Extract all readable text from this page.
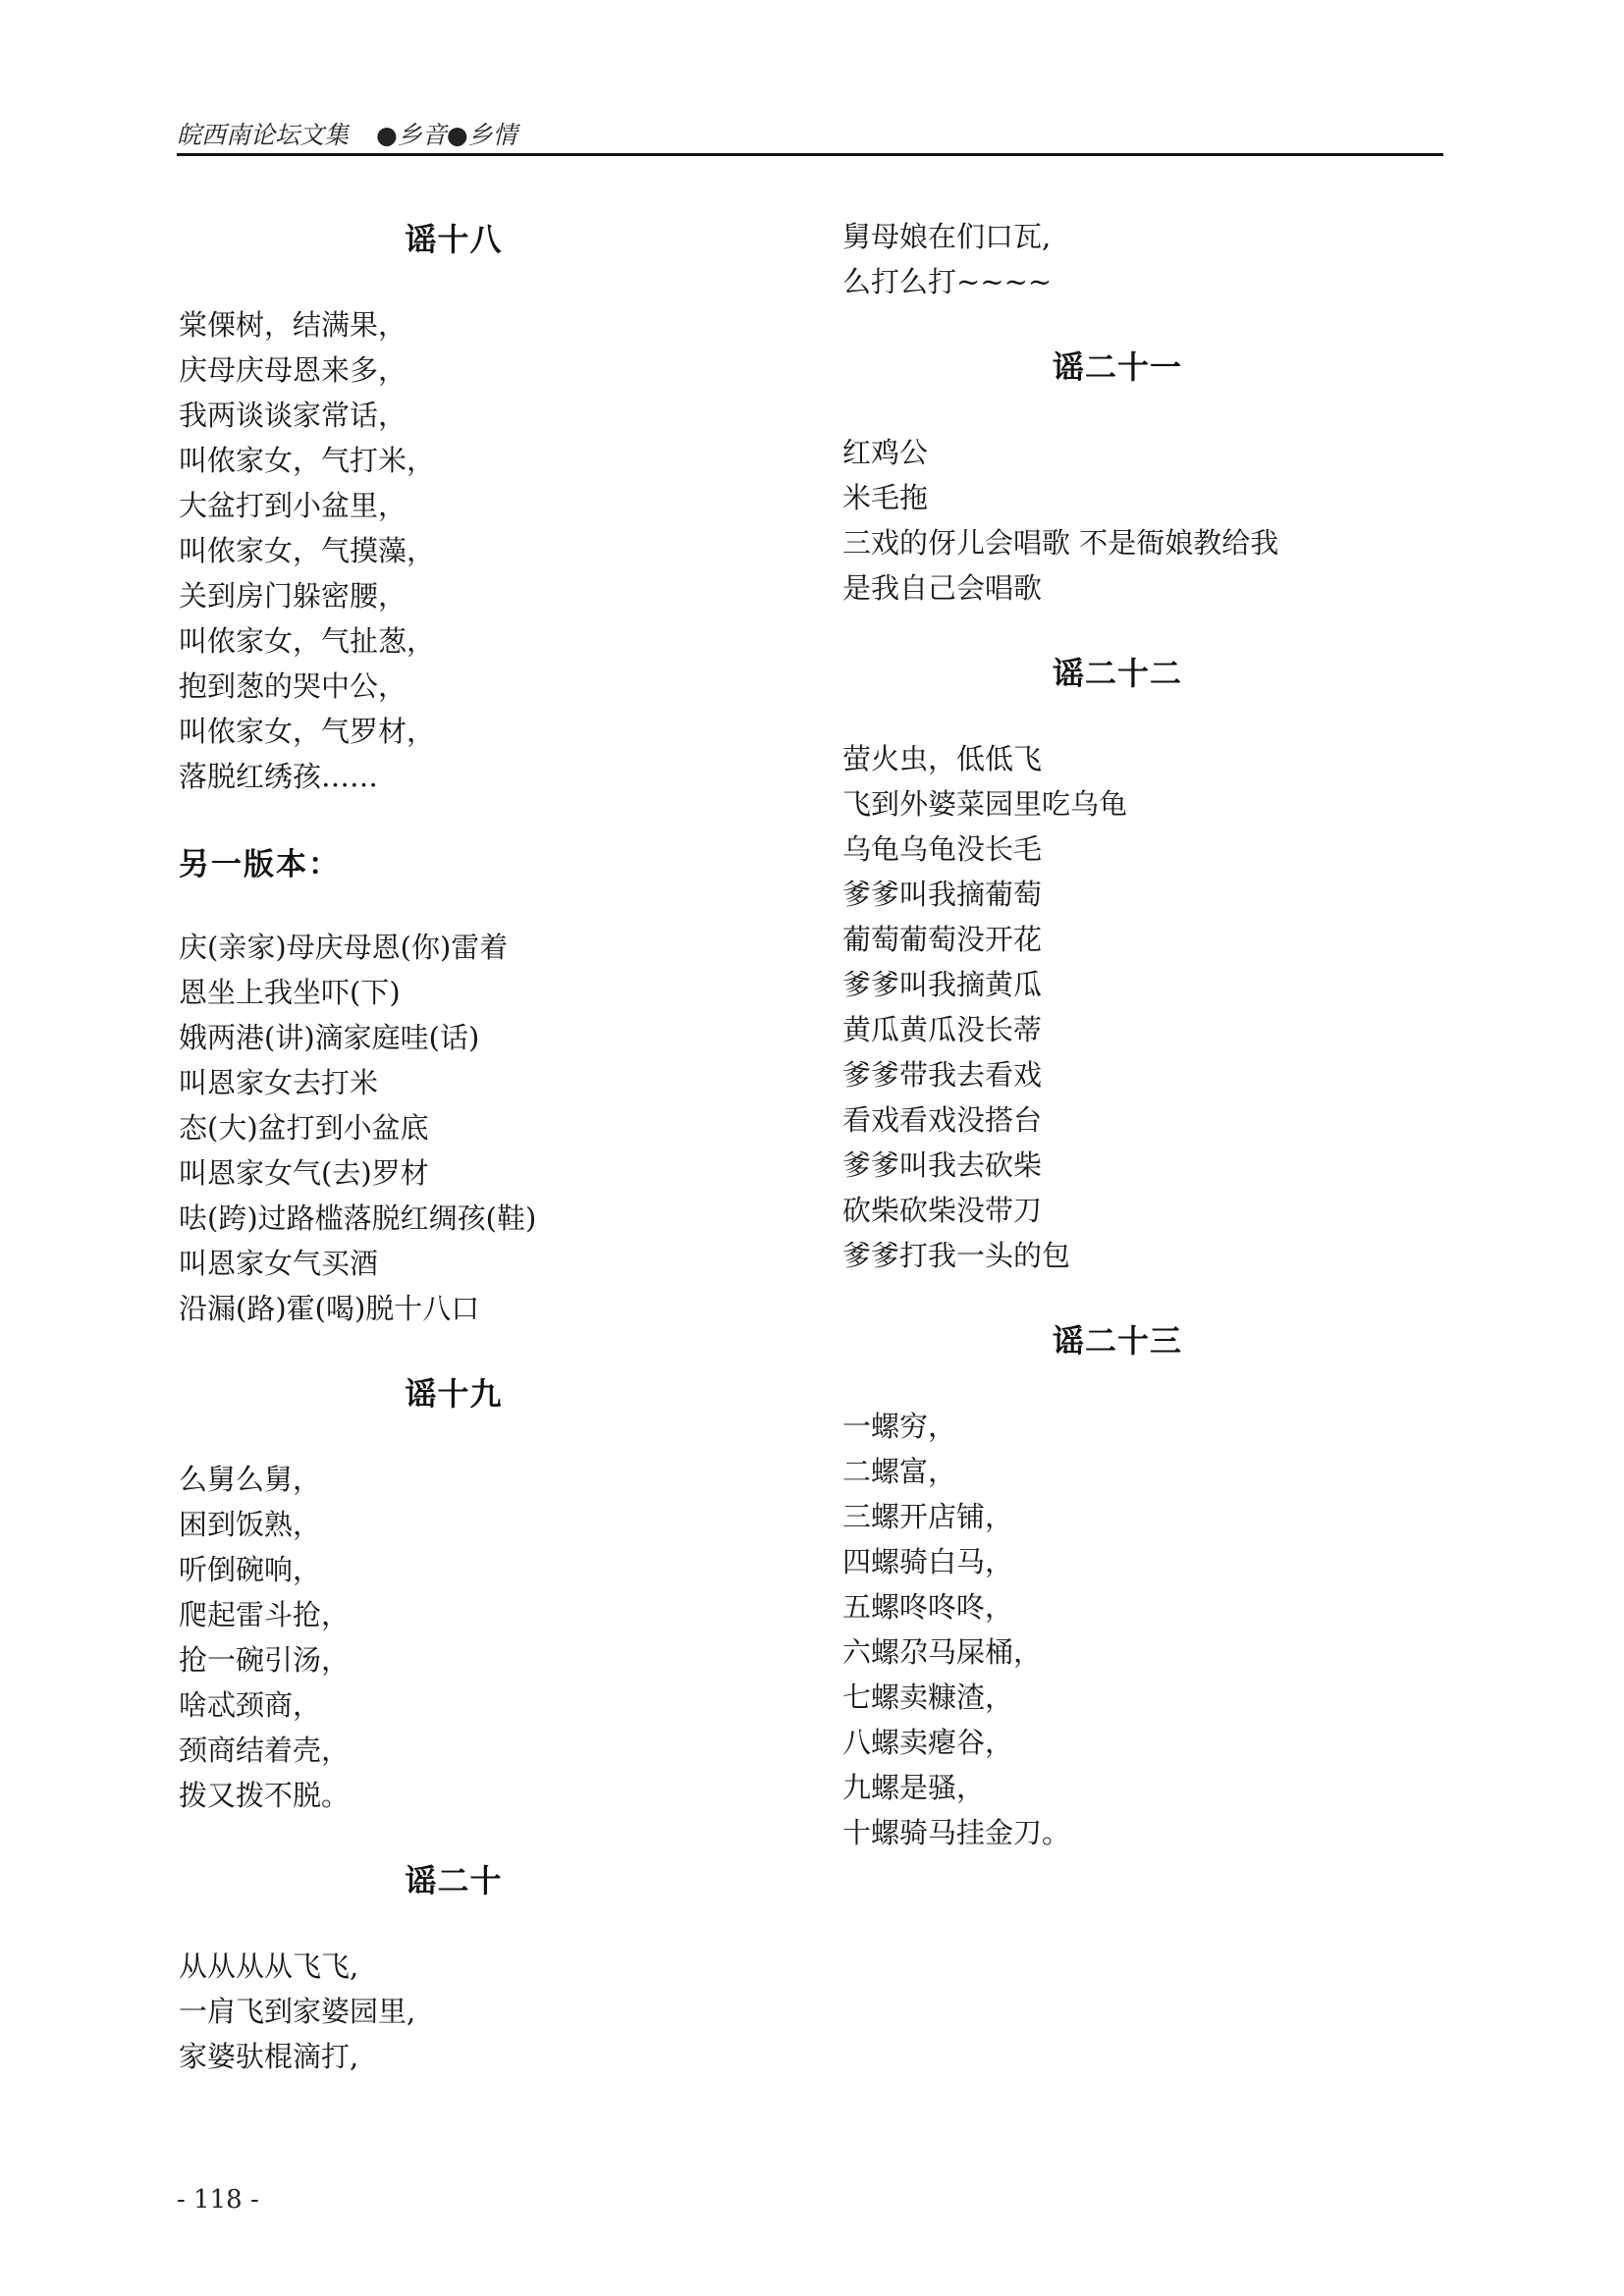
皖西南论坛文集 ●乡音●乡情
谣十八
棠傈树，结满果，
庆母庆母恩来多，
我两谈谈家常话，
叫侬家女，气打米，
大盆打到小盆里，
叫侬家女，气摸藻，
关到房门躲密腰，
叫侬家女，气扯葱，
抱到葱的哭中公，
叫侬家女，气罗材，
落脱红绣孩……
另一版本：
庆(亲家)母庆母恩(你)雷着
恩坐上我坐吓(下)
娥两港(讲)滴家庭哇(话)
叫恩家女去打米
态(大)盆打到小盆底
叫恩家女气(去)罗材
呿(跨)过路槛落脱红绸孩(鞋)
叫恩家女气买酒
沿漏(路)霍(喝)脱十八口
谣十九
么舅么舅，
困到饭熟，
听倒碗响，
爬起雷斗抢，
抢一碗引汤，
啥忒颈商，
颈商结着壳，
拨又拨不脱。
谣二十
从从从从飞飞,
一肩飞到家婆园里,
家婆驮棍滴打,
舅母娘在们口瓦,
么打么打~~~~
谣二十一
红鸡公
米毛拖
三戏的伢儿会唱歌 不是衙娘教给我
是我自己会唱歌
谣二十二
萤火虫，低低飞
飞到外婆菜园里吃乌龟
乌龟乌龟没长毛
爹爹叫我摘葡萄
葡萄葡萄没开花
爹爹叫我摘黄瓜
黄瓜黄瓜没长蒂
爹爹带我去看戏
看戏看戏没搭台
爹爹叫我去砍柴
砍柴砍柴没带刀
爹爹打我一头的包
谣二十三
一螺穷，
二螺富，
三螺开店铺，
四螺骑白马，
五螺咚咚咚，
六螺尕马屎桶，
七螺卖糠渣，
八螺卖瘪谷，
九螺是骚，
十螺骑马挂金刀。
- 118 -
